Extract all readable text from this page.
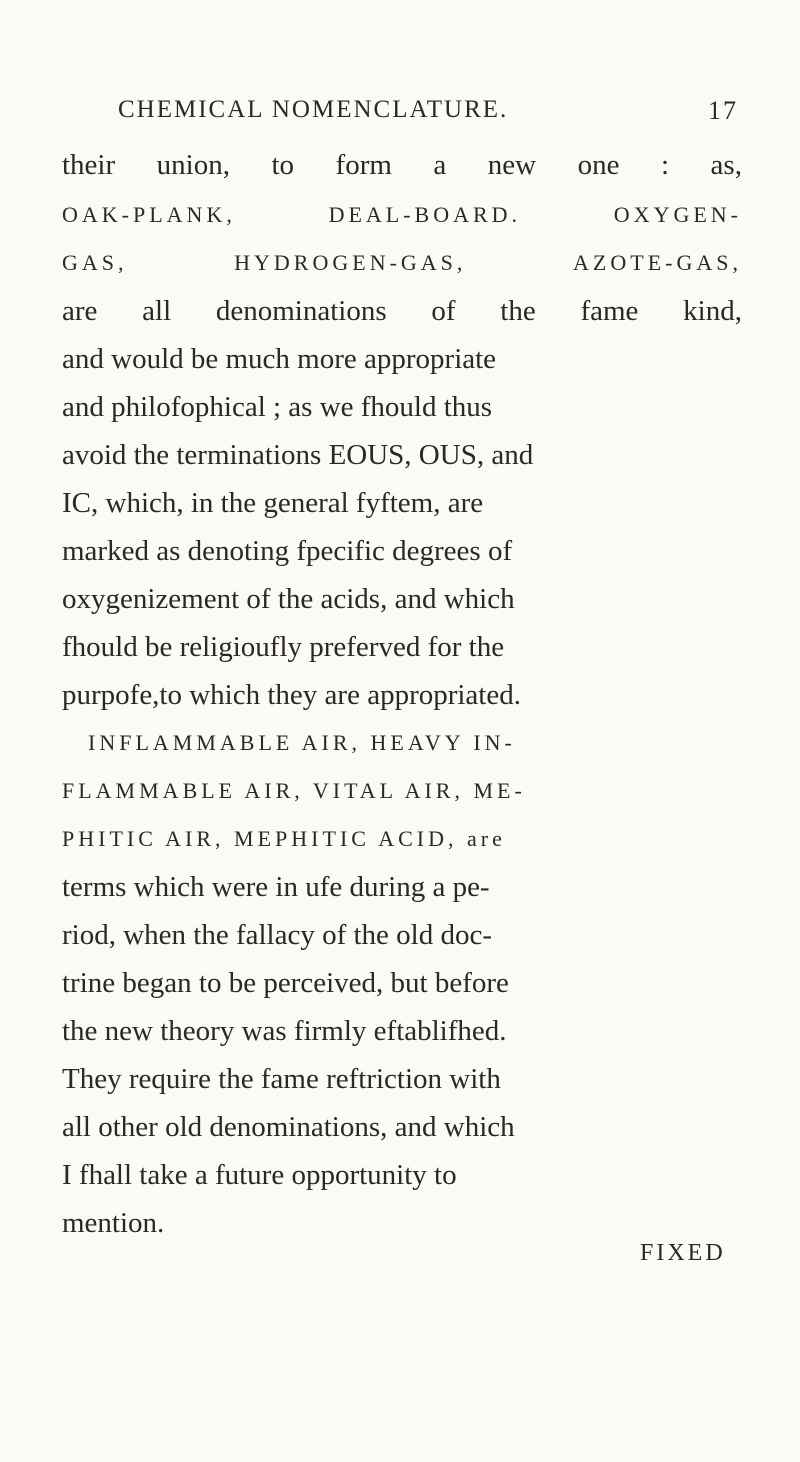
CHEMICAL NOMENCLATURE.	17
their union, to form a new one : as,
OAK-PLANK,	DEAL-BOARD.	OXYGEN-
GAS,	HYDROGEN-GAS,	AZOTE-GAS,
are all denominations of the fame kind,
and would be much more appropriate
and philofophical ; as we fhould thus
avoid the terminations EOUS, OUS, and
IC, which, in the general fyftem, are
marked as denoting fpecific degrees of
oxygenizement of the acids, and which
fhould be religioufly preferved for the
purpofe,to which they are appropriated.
INFLAMMABLE AIR, HEAVY IN-
FLAMMABLE AIR, VITAL AIR, ME-
PHITIC AIR, MEPHITIC ACID, are
terms which were in ufe during a pe-
riod, when the fallacy of the old doc-
trine began to be perceived, but before
the new theory was firmly eftablifhed.
They require the fame reftriction with
all other old denominations, and which
I fhall take a future opportunity to
mention.
FIXED
